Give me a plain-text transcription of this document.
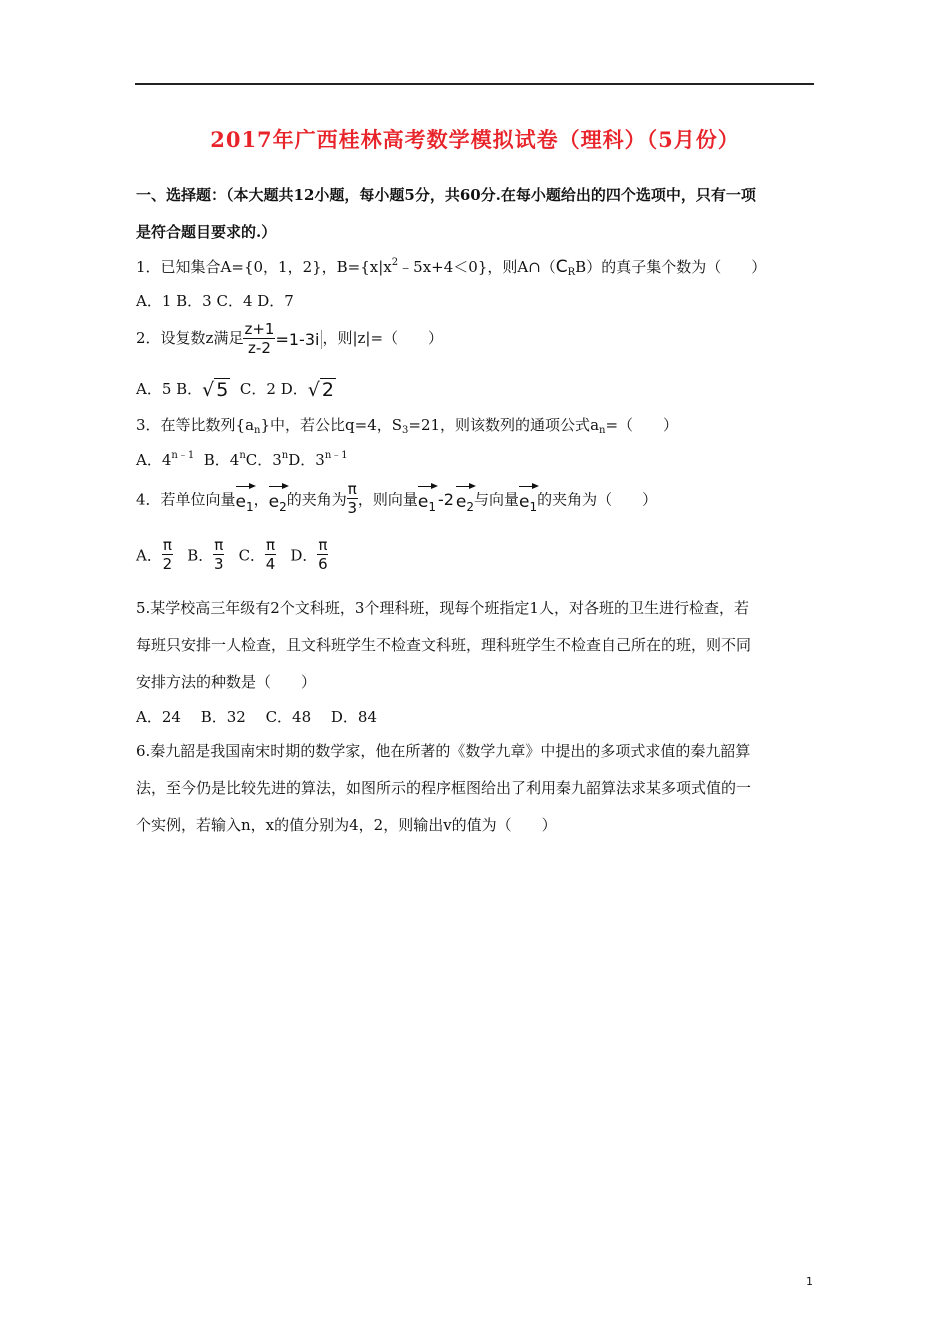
2017年广西桂林高考数学模拟试卷（理科）（5月份）
一、选择题：（本大题共12小题，每小题5分，共60分.在每小题给出的四个选项中，只有一项
是符合题目要求的.）
1．已知集合A={0，1，2}，$B=\{x|x^2﹣5x+4<0\}$，则$A\cap(C_RB)$的真子集个数为（　　）
A．1 B．3 C．4 D．7
2．设复数z满足 $\frac{z+1}{z-2} =1-3i$ ，则|z|=（　　）
A．5 B．√ 5 C．2 D．√ 2
3．在等比数列$\{a_n\}$中，若公比q=4，$S_3=21$，则该数列的通项公式$a_n=$（　　）
A．$4^{n﹣1}$  B．4$^n$C．3$^n$D．$3^{n﹣1}$
4．若单位向量
$e_1$，
$e_2$的夹角为 $\frac{\pi}{3}$ ，则向量
$e_1$ -2 $e_2$与向量
$e_1$的夹角为（　　）
A． $\frac{\pi}{2}$ B． $\frac{\pi}{3}$ C． $\frac{\pi}{4}$ D． $\frac{\pi}{6}$
5.某学校高三年级有2个文科班，3个理科班，现每个班指定1人，对各班的卫生进行检查，若
每班只安排一人检查，且文科班学生不检查文科班，理科班学生不检查自己所在的班，则不同
安排方法的种数是（　　）
A．24　 B．32　 C．48　 D．84
6.秦九韶是我国南宋时期的数学家，他在所著的《数学九章》中提出的多项式求值的秦九韶算
法，至今仍是比较先进的算法，如图所示的程序框图给出了利用秦九韶算法求某多项式值的一
个实例，若输入n，x的值分别为4，2，则输出v的值为（　　）
1
